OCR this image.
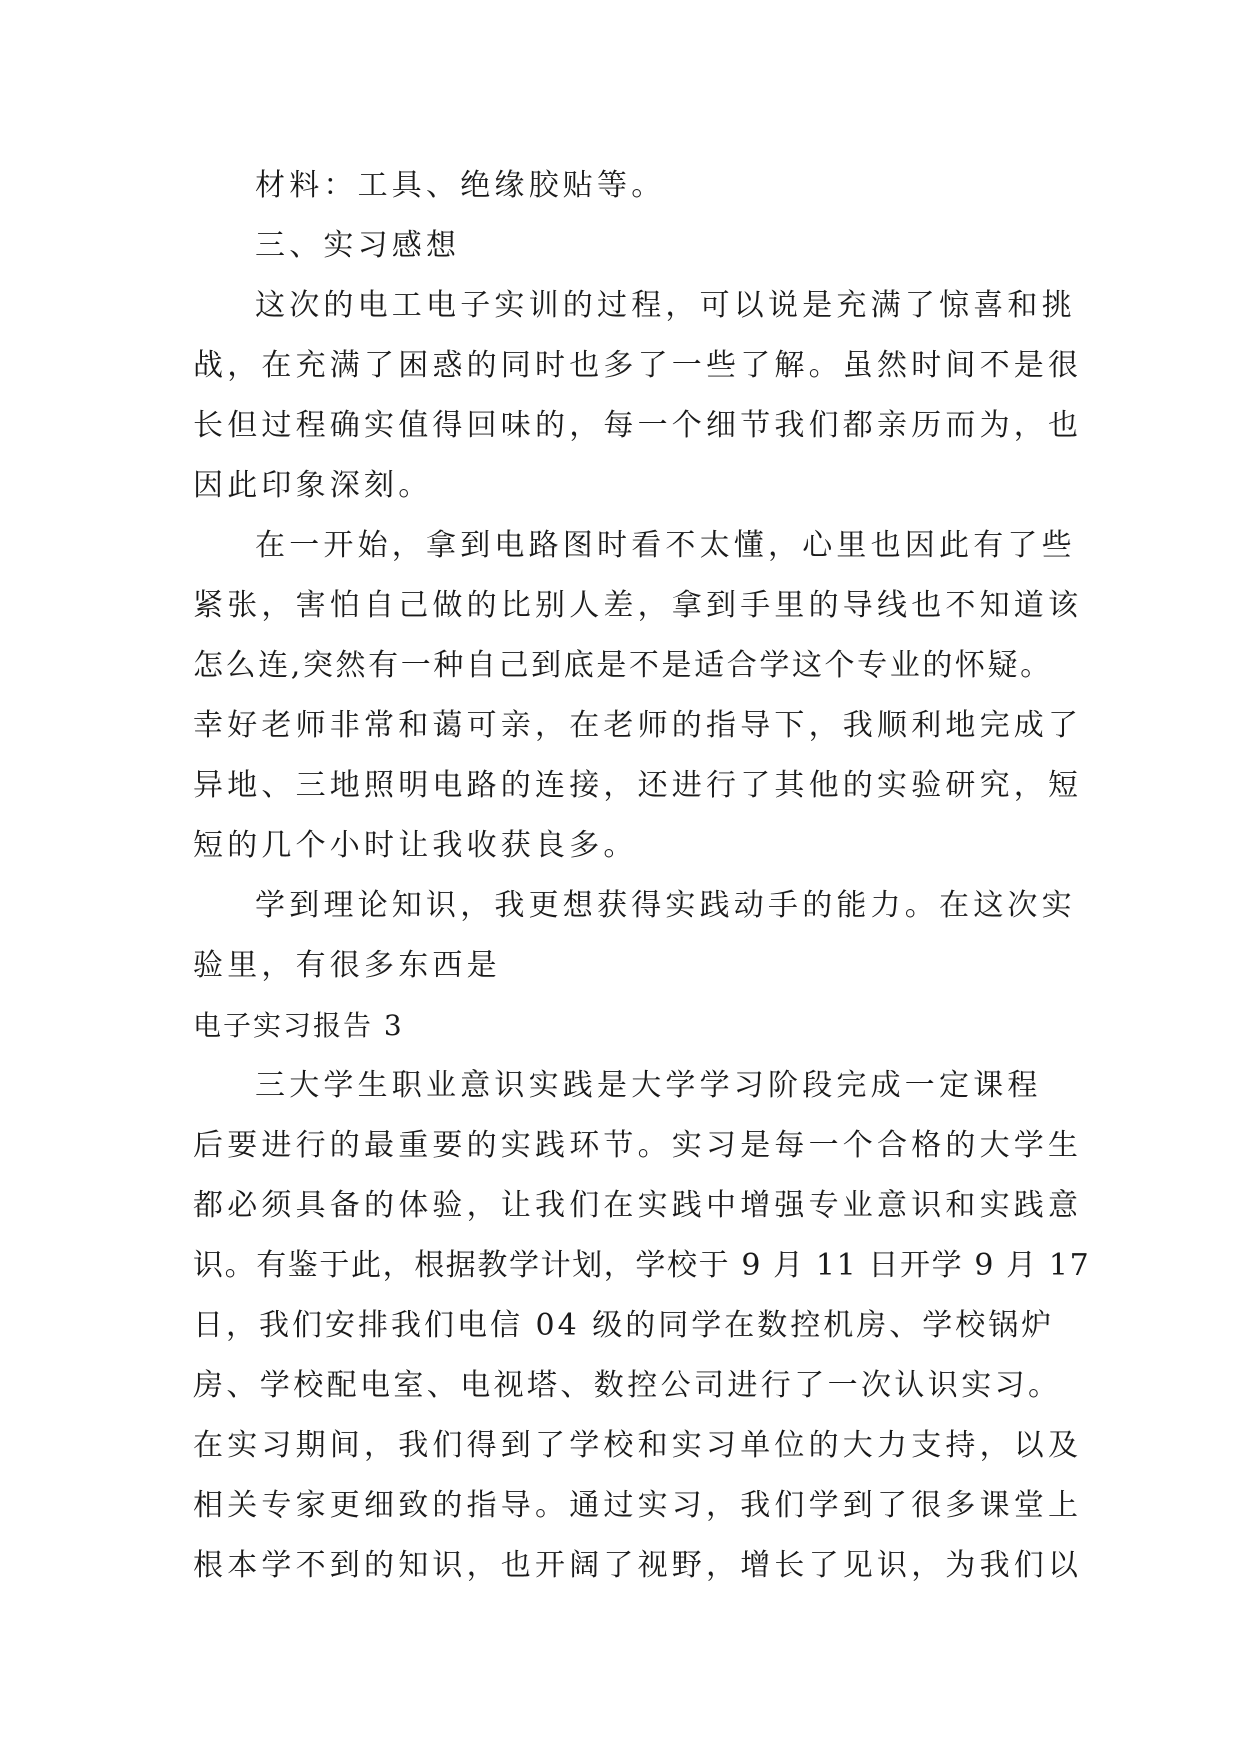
材料：工具、绝缘胶贴等。
三、实习感想
这次的电工电子实训的过程，可以说是充满了惊喜和挑
战，在充满了困惑的同时也多了一些了解。虽然时间不是很
长但过程确实值得回味的，每一个细节我们都亲历而为，也
因此印象深刻。
在一开始，拿到电路图时看不太懂，心里也因此有了些
紧张，害怕自己做的比别人差，拿到手里的导线也不知道该
怎么连,突然有一种自己到底是不是适合学这个专业的怀疑。
幸好老师非常和蔼可亲，在老师的指导下，我顺利地完成了
异地、三地照明电路的连接，还进行了其他的实验研究，短
短的几个小时让我收获良多。
学到理论知识，我更想获得实践动手的能力。在这次实
验里，有很多东西是
电子实习报告 3
三大学生职业意识实践是大学学习阶段完成一定课程
后要进行的最重要的实践环节。实习是每一个合格的大学生
都必须具备的体验，让我们在实践中增强专业意识和实践意
识。有鉴于此，根据教学计划，学校于 9 月 11 日开学 9 月 17
日，我们安排我们电信 04 级的同学在数控机房、学校锅炉
房、学校配电室、电视塔、数控公司进行了一次认识实习。
在实习期间，我们得到了学校和实习单位的大力支持，以及
相关专家更细致的指导。通过实习，我们学到了很多课堂上
根本学不到的知识，也开阔了视野，增长了见识，为我们以
